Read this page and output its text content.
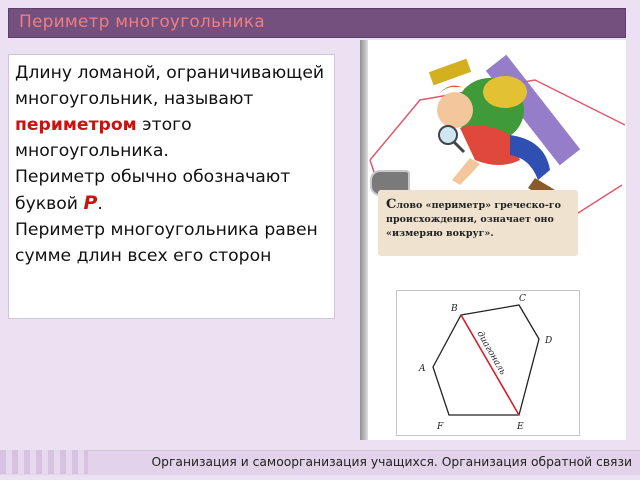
Периметр многоугольника
Длину ломаной, ограничивающей многоугольник, называют периметром этого многоугольника.
Периметр обычно обозначают буквой P.
Периметр многоугольника равен сумме длин всех его сторон
Слово «периметр» греческо-го происхождения, означает оно «измеряю вокруг».
B
C
D
A
F	E
диагональ
Организация и самоорганизация учащихся. Организация обратной связи
